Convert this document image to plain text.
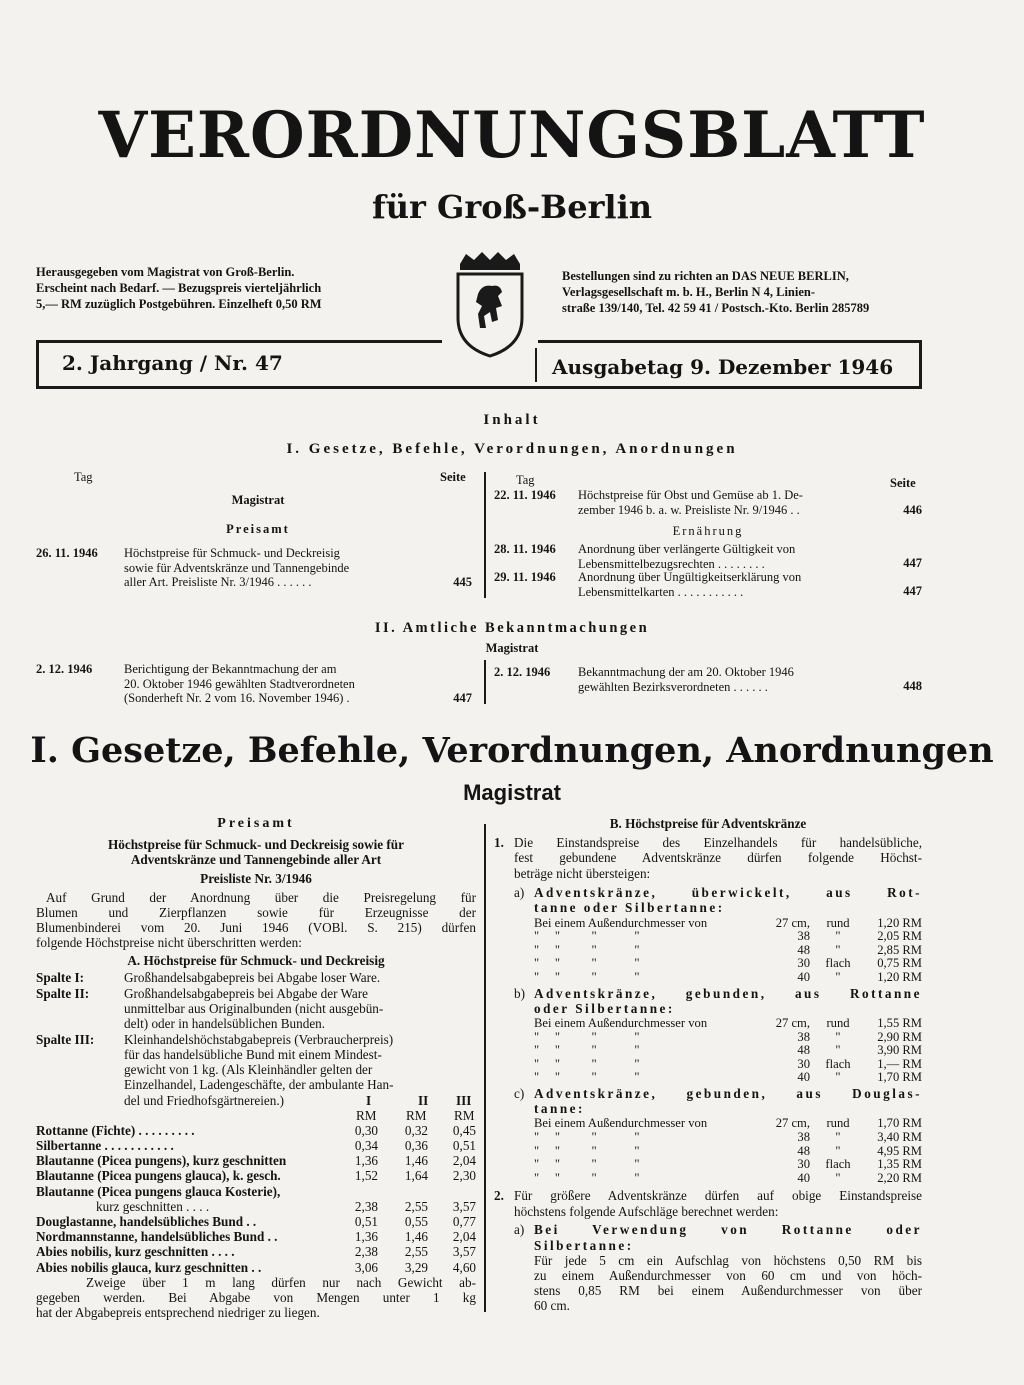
VERORDNUNGSBLATT
für Groß-Berlin
Herausgegeben vom Magistrat von Groß-Berlin.
Erscheint nach Bedarf. — Bezugspreis vierteljährlich
5,— RM zuzüglich Postgebühren. Einzelheft 0,50 RM
Bestellungen sind zu richten an DAS NEUE BERLIN,
Verlagsgesellschaft m. b. H., Berlin N 4, Linien-
straße 139/140, Tel. 42 59 41 / Postsch.-Kto. Berlin 285789
2. Jahrgang / Nr. 47	Ausgabetag 9. Dezember 1946
Inhalt
I. Gesetze, Befehle, Verordnungen, Anordnungen
Tag	Seite	Tag	Seite
Magistrat
Preisamt
26. 11. 1946 Höchstpreise für Schmuck- und Deckreisig
sowie für Adventskränze und Tannengebinde
aller Art. Preisliste Nr. 3/1946 . . . . . .	445
22. 11. 1946 Höchstpreise für Obst und Gemüse ab 1. De-
zember 1946 b. a. w. Preisliste Nr. 9/1946 . .	446
Ernährung
28. 11. 1946 Anordnung über verlängerte Gültigkeit von
Lebensmittelbezugsrechten . . . . . . . .	447
29. 11. 1946 Anordnung über Ungültigkeitserklärung von
Lebensmittelkarten . . . . . . . . . . .	447
II. Amtliche Bekanntmachungen
Magistrat
2. 12. 1946	Berichtigung der Bekanntmachung der am
20. Oktober 1946 gewählten Stadtverordneten
(Sonderheft Nr. 2 vom 16. November 1946) .	447
2. 12. 1946 Bekanntmachung der am 20. Oktober 1946
gewählten Bezirksverordneten . . . . . .	448
I. Gesetze, Befehle, Verordnungen, Anordnungen
Magistrat
Preisamt
Höchstpreise für Schmuck- und Deckreisig sowie für
Adventskränze und Tannengebinde aller Art
Preisliste Nr. 3/1946
Auf Grund der Anordnung über die Preisregelung für
Blumen und Zierpflanzen sowie für Erzeugnisse der
Blumenbinderei vom 20. Juni 1946 (VOBl. S. 215) dürfen
folgende Höchstpreise nicht überschritten werden:
A. Höchstpreise für Schmuck- und Deckreisig
Spalte I:	Großhandelsabgabepreis bei Abgabe loser Ware.
Spalte II:	Großhandelsabgabepreis bei Abgabe der Ware
unmittelbar aus Originalbunden (nicht ausgebün-
delt) oder in handelsüblichen Bunden.
Spalte III: Kleinhandelshöchstabgabepreis (Verbraucherpreis)
für das handelsübliche Bund mit einem Mindest-
gewicht von 1 kg. (Als Kleinhändler gelten der
Einzelhandel, Ladengeschäfte, der ambulante Han-
del und Friedhofsgärtnereien.)	I	II III
RM RM RM
Rottanne (Fichte) . . . . . . . . .	0,30	0,32	0,45
Silbertanne . . . . . . . . . . .	0,34	0,36	0,51
Blautanne (Picea pungens), kurz geschnitten	1,36	1,46	2,04
Blautanne (Picea pungens glauca), k. gesch.	1,52	1,64	2,30
Blautanne (Picea pungens glauca Kosterie),
kurz geschnitten . . . .	2,38	2,55	3,57
Douglastanne, handelsübliches Bund . .	0,51	0,55	0,77
Nordmannstanne, handelsübliches Bund . .	1,36	1,46	2,04
Abies nobilis, kurz geschnitten . . . .	2,38	2,55	3,57
Abies nobilis glauca, kurz geschnitten . .	3,06	3,29	4,60
Zweige über 1 m lang dürfen nur nach Gewicht ab-
gegeben werden. Bei Abgabe von Mengen unter 1 kg
hat der Abgabepreis entsprechend niedriger zu liegen.
B. Höchstpreise für Adventskränze
1. Die Einstandspreise des Einzelhandels für handelsübliche,
fest gebundene Adventskränze dürfen folgende Höchst-
beträge nicht übersteigen:
a) Adventskränze, überwickelt, aus Rot-
tanne oder Silbertanne:
Bei einem Außendurchmesser von	27 cm,	rund	1,20 RM
"     "          "            "	38	"	2,05 RM
"     "          "            "	48	"	2,85 RM
"     "          "            "	30	flach	0,75 RM
"     "          "            "	40	"	1,20 RM
b) Adventskränze, gebunden, aus Rottanne
oder Silbertanne:
Bei einem Außendurchmesser von	27 cm,	rund	1,55 RM
"     "          "            "	38	"	2,90 RM
"     "          "            "	48	"	3,90 RM
"     "          "            "	30	flach	1,— RM
"     "          "            "	40	"	1,70 RM
c) Adventskränze, gebunden, aus Douglas-
tanne:
Bei einem Außendurchmesser von	27 cm,	rund	1,70 RM
"     "          "            "	38	"	3,40 RM
"     "          "            "	48	"	4,95 RM
"     "          "            "	30	flach	1,35 RM
"     "          "            "	40	"	2,20 RM
2. Für größere Adventskränze dürfen auf obige Einstandspreise
höchstens folgende Aufschläge berechnet werden:
a) Bei Verwendung von Rottanne oder
Silbertanne:
Für jede 5 cm ein Aufschlag von höchstens 0,50 RM bis
zu einem Außendurchmesser von 60 cm und von höch-
stens 0,85 RM bei einem Außendurchmesser von über
60 cm.
